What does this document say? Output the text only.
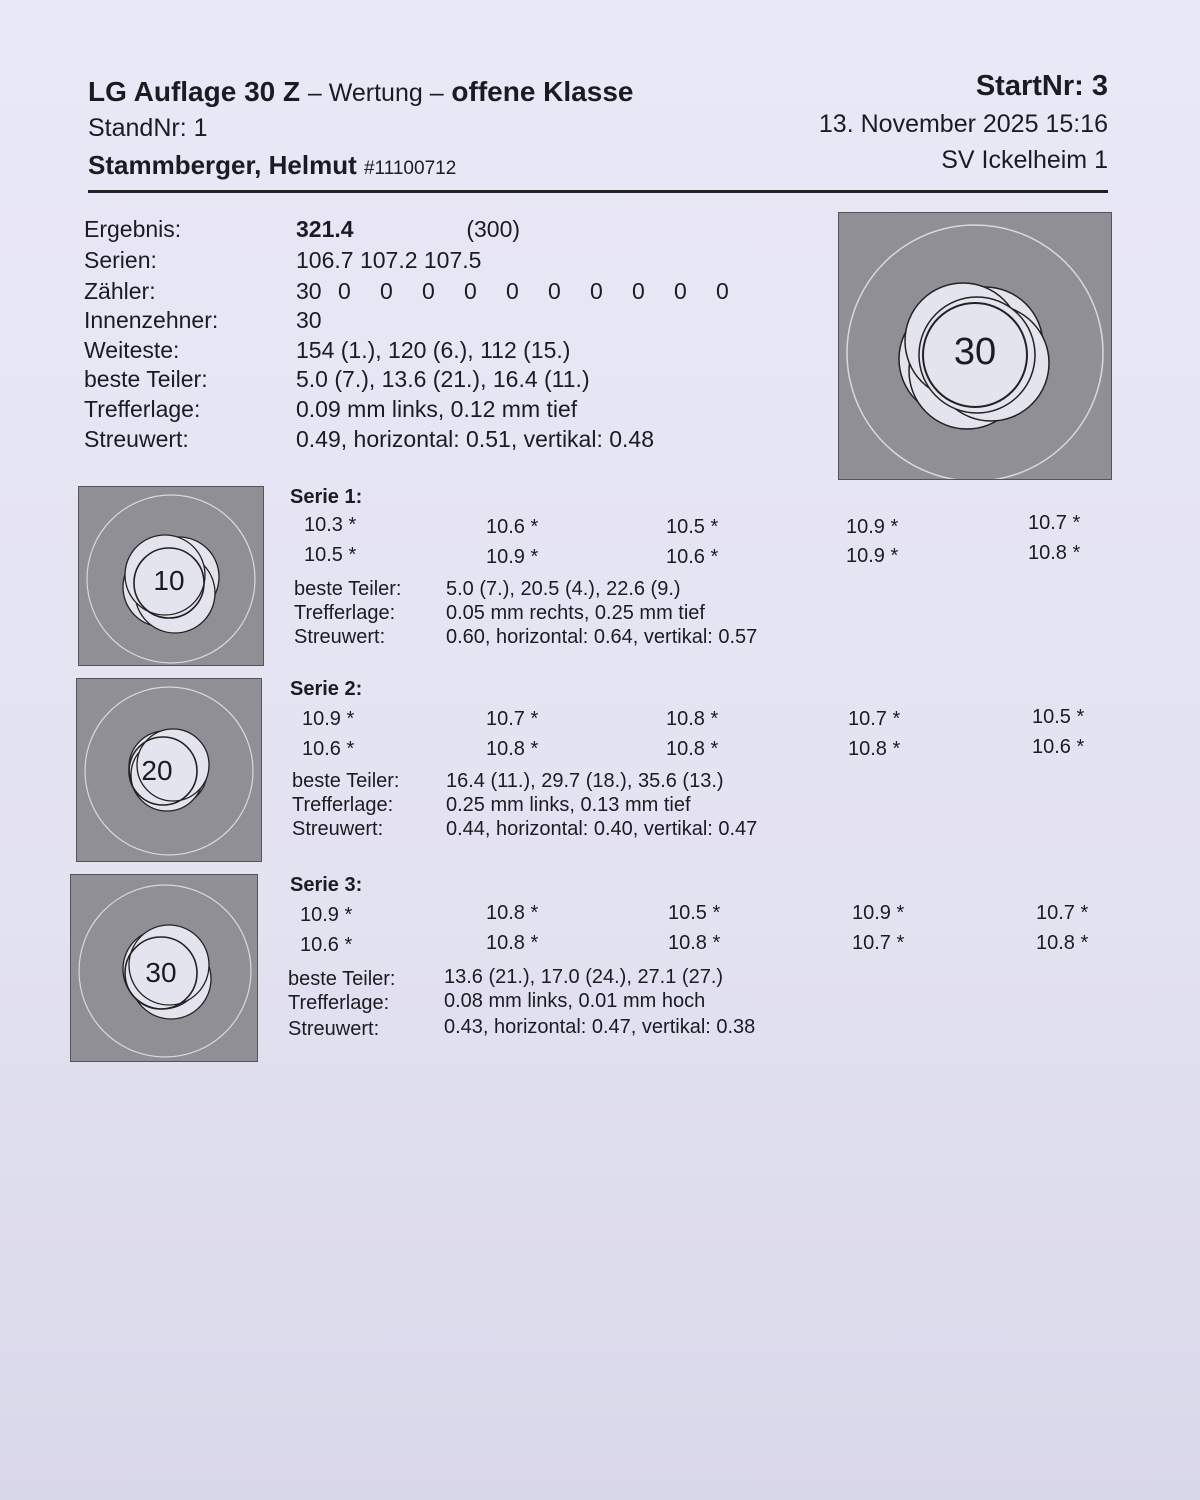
LG Auflage 30 Z – Wertung – offene Klasse	StartNr: 3
StandNr: 1	13. November 2025 15:16
Stammberger, Helmut #11100712	SV Ickelheim 1
Ergebnis:	321.4	(300)
Serien:	106.7 107.2 107.5
Zähler:	30 0 0 0 0 0 0 0 0 0 0
Innenzehner:	30
Weiteste:	154 (1.), 120 (6.), 112 (15.)
beste Teiler:	5.0 (7.), 13.6 (21.), 16.4 (11.)
Trefferlage:	0.09 mm links, 0.12 mm tief
Streuwert:	0.49, horizontal: 0.51, vertikal: 0.48
30
10
Serie 1:
10.3 *	10.6 *	10.5 *	10.9 *	10.7 *
10.5 *	10.9 *	10.6 *	10.9 *	10.8 *
beste Teiler: 5.0 (7.), 20.5 (4.), 22.6 (9.)
Trefferlage:	0.05 mm rechts, 0.25 mm tief
Streuwert:	0.60, horizontal: 0.64, vertikal: 0.57
20
Serie 2:
10.9 *	10.7 *	10.8 *	10.7 *	10.5 *
10.6 *	10.8 *	10.8 *	10.8 *	10.6 *
beste Teiler: 16.4 (11.), 29.7 (18.), 35.6 (13.)
Trefferlage:	0.25 mm links, 0.13 mm tief
Streuwert:	0.44, horizontal: 0.40, vertikal: 0.47
30
Serie 3:
10.9 *	10.8 *	10.5 *	10.9 *	10.7 *
10.6 *	10.8 *	10.8 *	10.7 *	10.8 *
beste Teiler: 13.6 (21.), 17.0 (24.), 27.1 (27.)
Trefferlage:	0.08 mm links, 0.01 mm hoch
Streuwert:	0.43, horizontal: 0.47, vertikal: 0.38
